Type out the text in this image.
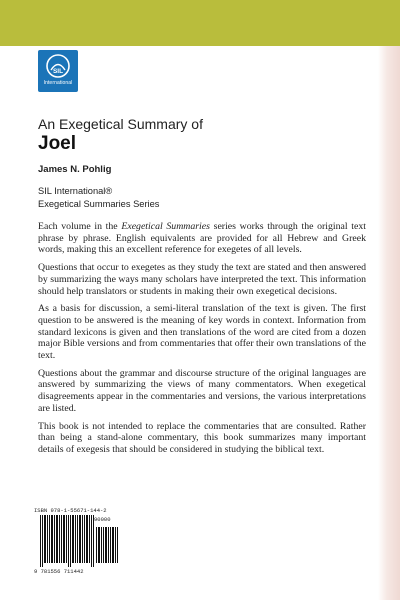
SIL
International
An Exegetical Summary of
Joel
James N. Pohlig
SIL International®
Exegetical Summaries Series

Each volume in the Exegetical Summaries series works through the original text phrase by phrase. English equivalents are provided for all Hebrew and Greek words, making this an excellent reference for exegetes of all levels.

Questions that occur to exegetes as they study the text are stated and then answered by summarizing the ways many scholars have interpreted the text. This information should help translators or students in making their own exegetical decisions.

As a basis for discussion, a semi-literal translation of the text is given. The first question to be answered is the meaning of key words in context. Information from standard lexicons is given and then translations of the word are cited from a dozen major Bible versions and from commentaries that offer their own translations of the text.

Questions about the grammar and discourse structure of the original languages are answered by summarizing the views of many commentators. When exegetical disagreements appear in the commentaries and versions, the various interpretations are listed.

This book is not intended to replace the commentaries that are consulted. Rather than being a stand-alone commentary, this book summarizes many important details of exegesis that should be considered in studying the biblical text.

ISBN 978-1-55671-144-2
90000
9 781556 711442
